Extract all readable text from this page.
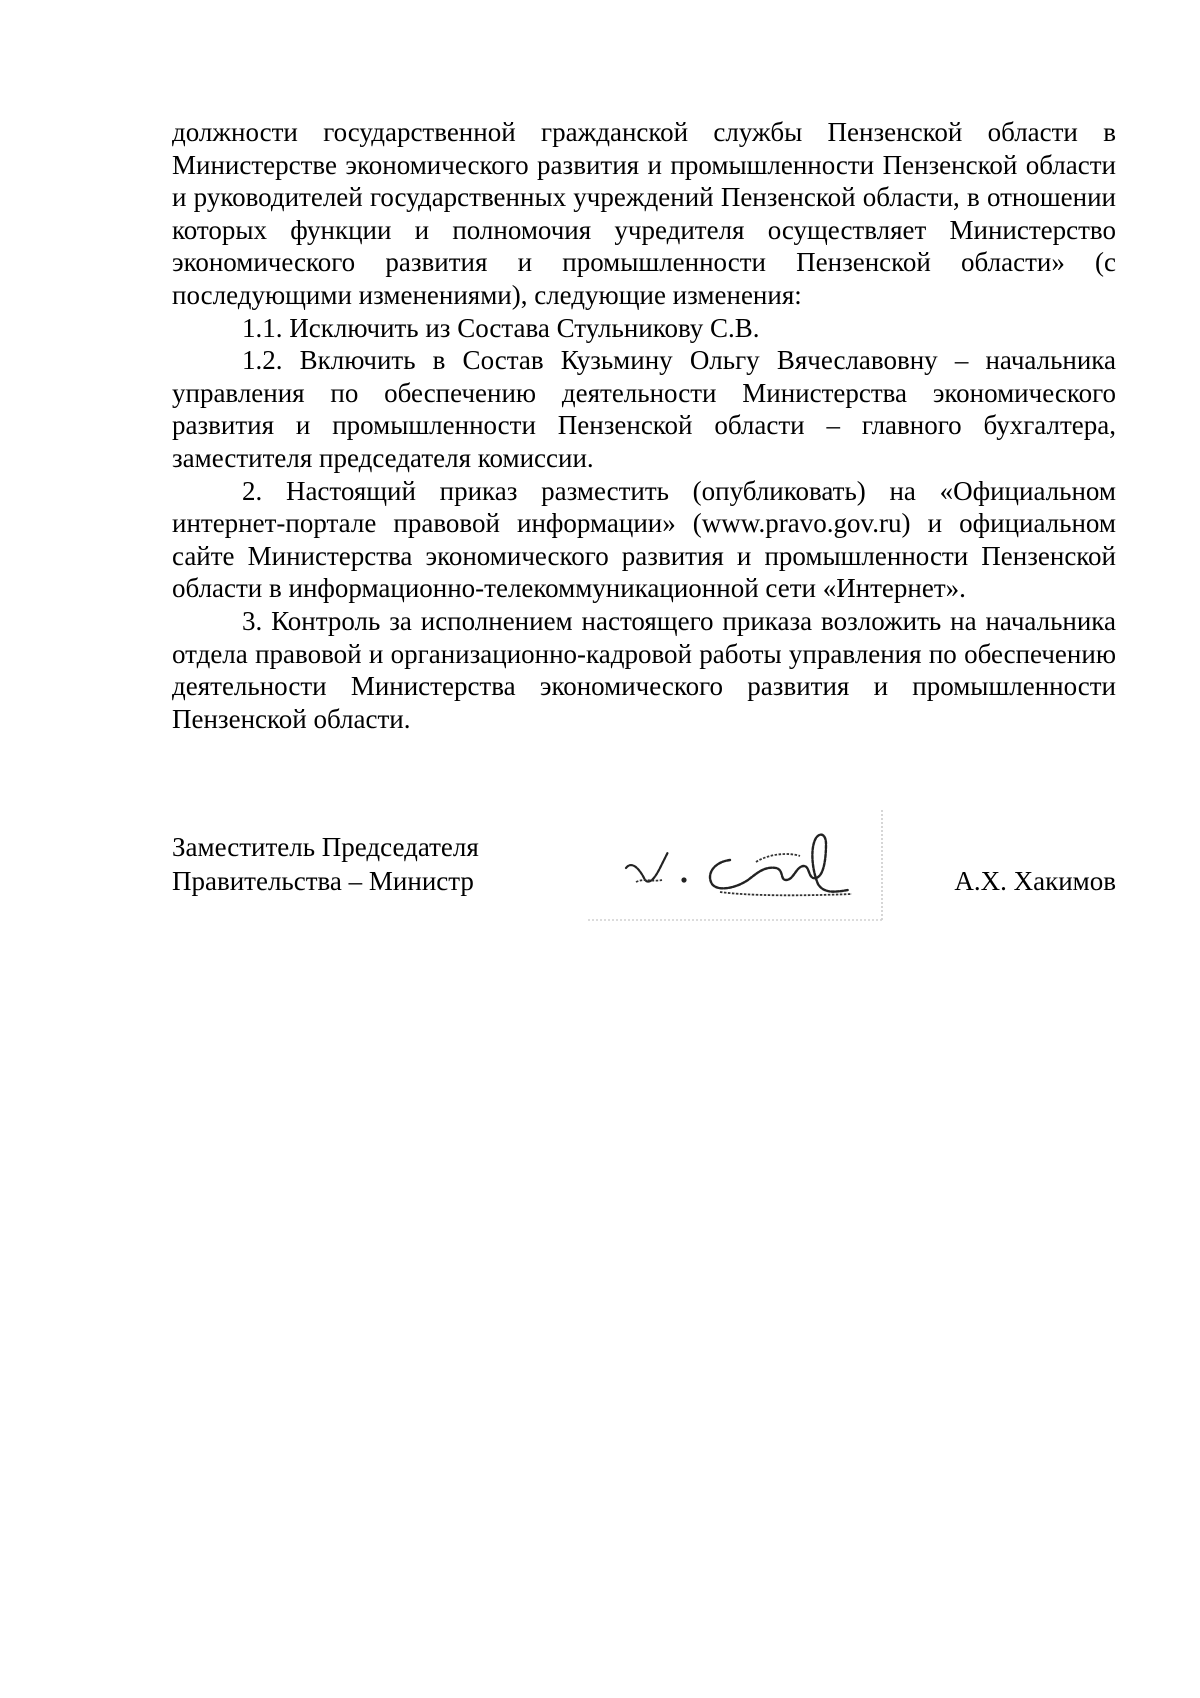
должности государственной гражданской службы Пензенской области в Министерстве экономического развития и промышленности Пензенской области и руководителей государственных учреждений Пензенской области, в отношении которых функции и полномочия учредителя осуществляет Министерство экономического развития и промышленности Пензенской области» (с последующими изменениями), следующие изменения:

1.1. Исключить из Состава Стульникову С.В.

1.2. Включить в Состав Кузьмину Ольгу Вячеславовну – начальника управления по обеспечению деятельности Министерства экономического развития и промышленности Пензенской области – главного бухгалтера, заместителя председателя комиссии.

2. Настоящий приказ разместить (опубликовать) на «Официальном интернет-портале правовой информации» (www.pravo.gov.ru) и официальном сайте Министерства экономического развития и промышленности Пензенской области в информационно-телекоммуникационной сети «Интернет».

3. Контроль за исполнением настоящего приказа возложить на начальника отдела правовой и организационно-кадровой работы управления по обеспечению деятельности Министерства экономического развития и промышленности Пензенской области.

Заместитель Председателя
Правительства – Министр	А.Х. Хакимов
